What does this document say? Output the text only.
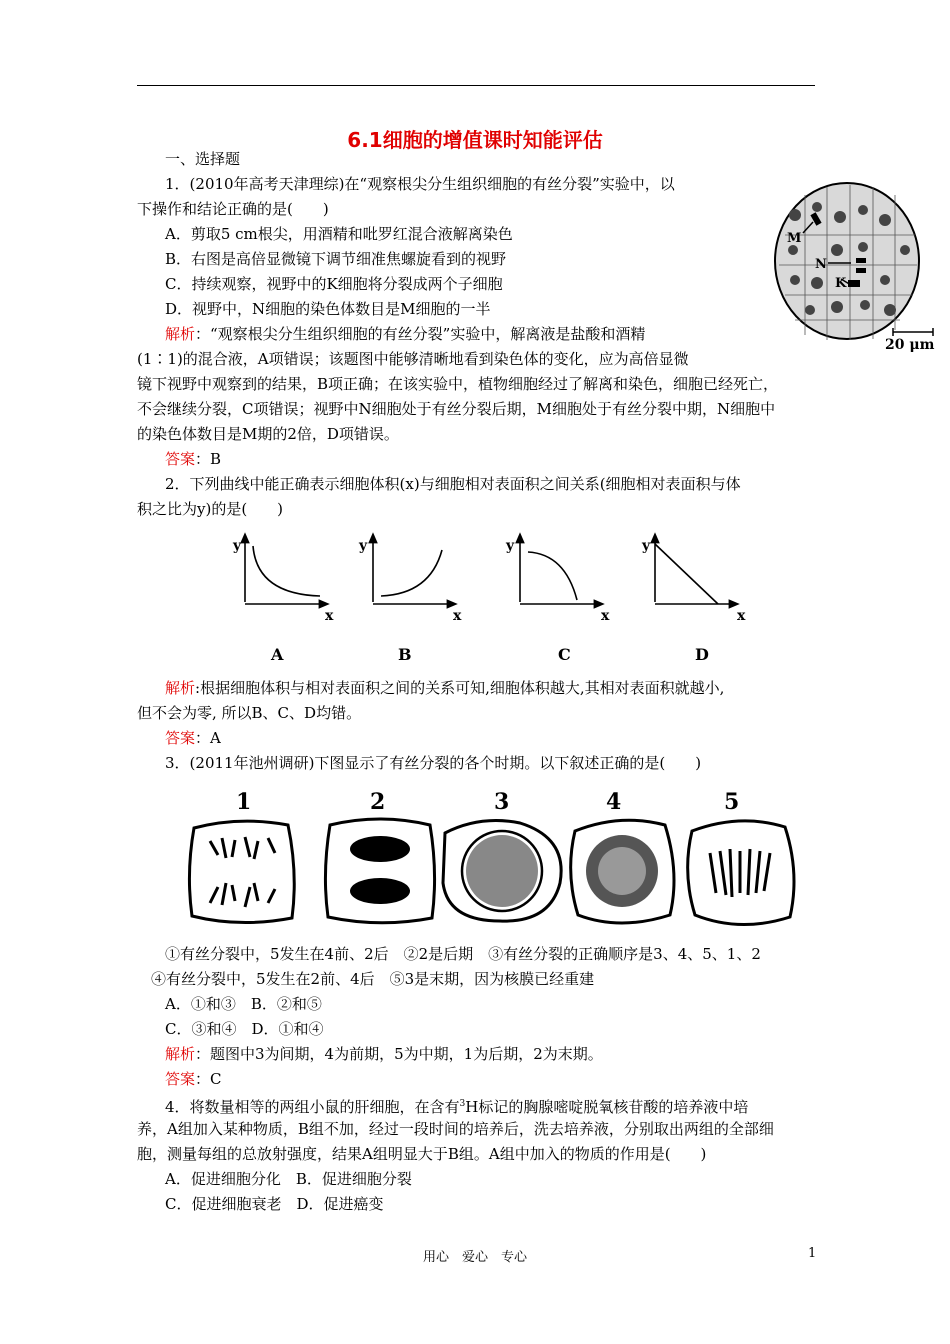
6.1细胞的增值课时知能评估
一、选择题
1．(2010年高考天津理综)在“观察根尖分生组织细胞的有丝分裂”实验中，以
下操作和结论正确的是(　　)
A．剪取5 cm根尖，用酒精和吡罗红混合液解离染色
B．右图是高倍显微镜下调节细准焦螺旋看到的视野
C．持续观察，视野中的K细胞将分裂成两个子细胞
D．视野中，N细胞的染色体数目是M细胞的一半
解析：“观察根尖分生组织细胞的有丝分裂”实验中，解离液是盐酸和酒精
(1∶1)的混合液，A项错误；该题图中能够清晰地看到染色体的变化，应为高倍显微
镜下视野中观察到的结果，B项正确；在该实验中，植物细胞经过了解离和染色，细胞已经死亡，
不会继续分裂，C项错误；视野中N细胞处于有丝分裂后期，M细胞处于有丝分裂中期，N细胞中
的染色体数目是M期的2倍，D项错误。
答案：B
M
N
K
20 μm
2．下列曲线中能正确表示细胞体积(x)与细胞相对表面积之间关系(细胞相对表面积与体
积之比为y)的是(　　)
y
x
A
y
x
B
y
x
C
y
x
D
解析:根据细胞体积与相对表面积之间的关系可知,细胞体积越大,其相对表面积就越小,
但不会为零, 所以B、C、D均错。
答案：A
3．(2011年池州调研)下图显示了有丝分裂的各个时期。以下叙述正确的是(　　)
1	2	3	4	5
①有丝分裂中，5发生在4前、2后　②2是后期　③有丝分裂的正确顺序是3、4、5、1、2
④有丝分裂中，5发生在2前、4后　⑤3是末期，因为核膜已经重建
A．①和③　B．②和⑤
C．③和④　D．①和④
解析：题图中3为间期，4为前期，5为中期，1为后期，2为末期。
答案：C
4．将数量相等的两组小鼠的肝细胞，在含有$^3$H标记的胸腺嘧啶脱氧核苷酸的培养液中培
养，A组加入某种物质，B组不加，经过一段时间的培养后，洗去培养液，分别取出两组的全部细
胞，测量每组的总放射强度，结果A组明显大于B组。A组中加入的物质的作用是(　　)
A．促进细胞分化　B．促进细胞分裂
C．促进细胞衰老　D．促进癌变
用心　爱心　专心	1
